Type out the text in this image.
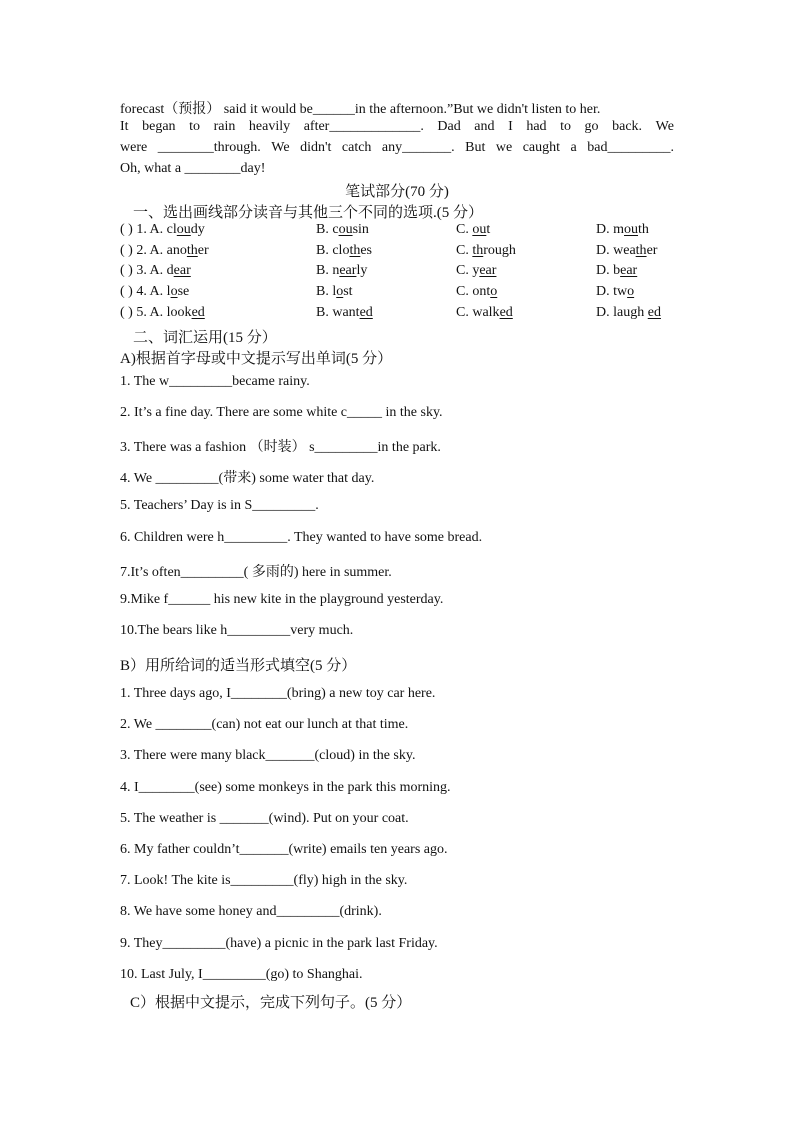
forecast（预报） said it would be______in the afternoon.”But we didn't listen to her.
It began to rain heavily after_____________. Dad and I had to go back. We
were ________through. We didn't catch any_______. But we caught a bad_________.
Oh, what a ________day!
笔试部分(70 分)
一、选出画线部分读音与其他三个不同的选项.(5 分）
( ) 1. A. cloudy	B. cousin	C. out	D. mouth
( ) 2. A. another	B. clothes	C. through	D. weather
( ) 3. A. dear	B. nearly	C. year	D. bear
( ) 4. A. lose	B. lost	C. onto	D. two
( ) 5. A. looked	B. wanted	C. walked	D. laugh ed
二、词汇运用(15 分）
A)根据首字母或中文提示写出单词(5 分）
1. The w_________became rainy.
2. It’s a fine day. There are some white c_____ in the sky.
3. There was a fashion （时装） s_________in the park.
4. We _________(带来) some water that day.
5. Teachers’ Day is in S_________.
6. Children were h_________. They wanted to have some bread.
7.It’s often_________( 多雨的) here in summer.
9.Mike f______ his new kite in the playground yesterday.
10.The bears like h_________very much.
B）用所给词的适当形式填空(5 分）
1. Three days ago, I________(bring) a new toy car here.
2. We ________(can) not eat our lunch at that time.
3. There were many black_______(cloud) in the sky.
4. I________(see) some monkeys in the park this morning.
5. The weather is _______(wind). Put on your coat.
6. My father couldn’t_______(write) emails ten years ago.
7. Look! The kite is_________(fly) high in the sky.
8. We have some honey and_________(drink).
9. They_________(have) a picnic in the park last Friday.
10. Last July, I_________(go) to Shanghai.
C）根据中文提示，完成下列句子。(5 分）
